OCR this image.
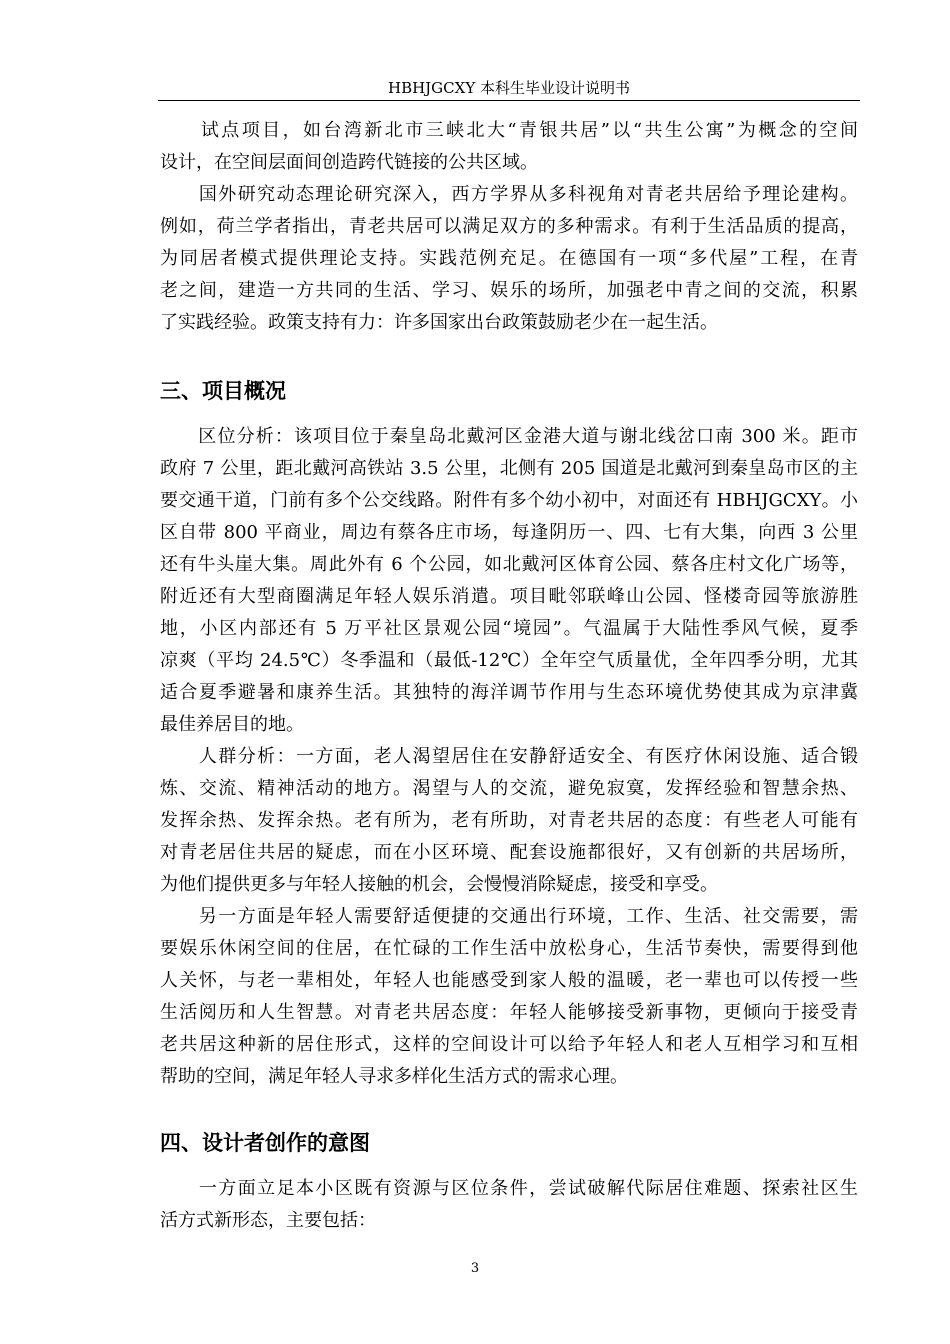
HBHJGCXY 本科生毕业设计说明书
　　试点项目，如台湾新北市三峡北大“青银共居”以“共生公寓”为概念的空间
设计，在空间层面间创造跨代链接的公共区域。
　　国外研究动态理论研究深入，西方学界从多科视角对青老共居给予理论建构。
例如，荷兰学者指出，青老共居可以满足双方的多种需求。有利于生活品质的提高，
为同居者模式提供理论支持。实践范例充足。在德国有一项“多代屋”工程，在青
老之间，建造一方共同的生活、学习、娱乐的场所，加强老中青之间的交流，积累
了实践经验。政策支持有力：许多国家出台政策鼓励老少在一起生活。
三、项目概况
　　区位分析：该项目位于秦皇岛北戴河区金港大道与谢北线岔口南 300 米。距市
政府 7 公里，距北戴河高铁站 3.5 公里，北侧有 205 国道是北戴河到秦皇岛市区的主
要交通干道，门前有多个公交线路。附件有多个幼小初中，对面还有 HBHJGCXY。小
区自带 800 平商业，周边有蔡各庄市场，每逢阴历一、四、七有大集，向西 3 公里
还有牛头崖大集。周此外有 6 个公园，如北戴河区体育公园、蔡各庄村文化广场等，
附近还有大型商圈满足年轻人娱乐消遣。项目毗邻联峰山公园、怪楼奇园等旅游胜
地，小区内部还有 5 万平社区景观公园“境园”。气温属于大陆性季风气候，夏季
凉爽（平均 24.5℃）冬季温和（最低-12℃）全年空气质量优，全年四季分明，尤其
适合夏季避暑和康养生活。其独特的海洋调节作用与生态环境优势使其成为京津冀
最佳养居目的地。
　　人群分析：一方面，老人渴望居住在安静舒适安全、有医疗休闲设施、适合锻
炼、交流、精神活动的地方。渴望与人的交流，避免寂寞，发挥经验和智慧余热、
发挥余热、发挥余热。老有所为，老有所助，对青老共居的态度：有些老人可能有
对青老居住共居的疑虑，而在小区环境、配套设施都很好，又有创新的共居场所，
为他们提供更多与年轻人接触的机会，会慢慢消除疑虑，接受和享受。
　　另一方面是年轻人需要舒适便捷的交通出行环境，工作、生活、社交需要，需
要娱乐休闲空间的住居，在忙碌的工作生活中放松身心，生活节奏快，需要得到他
人关怀，与老一辈相处，年轻人也能感受到家人般的温暖，老一辈也可以传授一些
生活阅历和人生智慧。对青老共居态度：年轻人能够接受新事物，更倾向于接受青
老共居这种新的居住形式，这样的空间设计可以给予年轻人和老人互相学习和互相
帮助的空间，满足年轻人寻求多样化生活方式的需求心理。
四、设计者创作的意图
　　一方面立足本小区既有资源与区位条件，尝试破解代际居住难题、探索社区生
活方式新形态，主要包括：
3
